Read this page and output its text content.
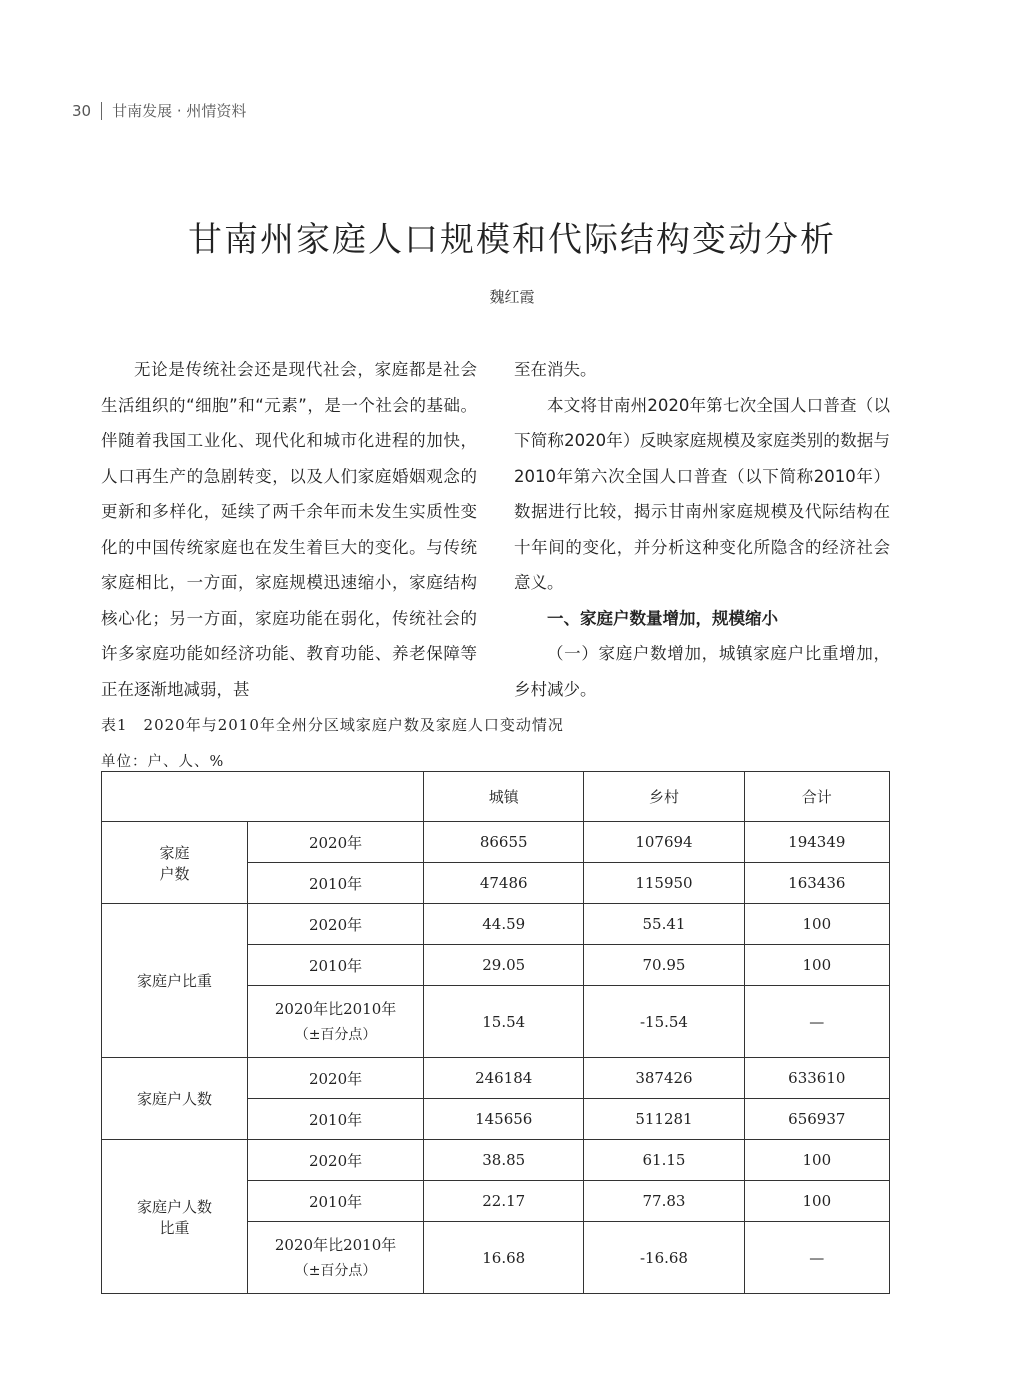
30 甘南发展 · 州情资料
甘南州家庭人口规模和代际结构变动分析
魏红霞

无论是传统社会还是现代社会，家庭都是社会生活组织的“细胞”和“元素”，是一个社会的基础。伴随着我国工业化、现代化和城市化进程的加快，人口再生产的急剧转变，以及人们家庭婚姻观念的更新和多样化，延续了两千余年而未发生实质性变化的中国传统家庭也在发生着巨大的变化。与传统家庭相比，一方面，家庭规模迅速缩小，家庭结构核心化；另一方面，家庭功能在弱化，传统社会的许多家庭功能如经济功能、教育功能、养老保障等正在逐渐地减弱，甚

至在消失。

本文将甘南州2020年第七次全国人口普查（以下简称2020年）反映家庭规模及家庭类别的数据与2010年第六次全国人口普查（以下简称2010年）数据进行比较，揭示甘南州家庭规模及代际结构在十年间的变化，并分析这种变化所隐含的经济社会意义。

一、家庭户数量增加，规模缩小

（一）家庭户数增加，城镇家庭户比重增加，乡村减少。

表1　2020年与2010年全州分区域家庭户数及家庭人口变动情况
单位：户、人、%
		城镇	乡村	合计

家庭
户数	2020年	86655	107694	194349
	2010年	47486	115950	163436

家庭户比重	2020年	44.59	55.41	100
	2010年	29.05	70.95	100

	2020年比2010年
（±百分点）	15.54	-15.54	—

家庭户人数	2020年	246184	387426	633610
	2010年	145656	511281	656937

家庭户人数
比重	2020年	38.85	61.15	100
	2010年	22.17	77.83	100

	2020年比2010年
（±百分点）	16.68	-16.68	—
